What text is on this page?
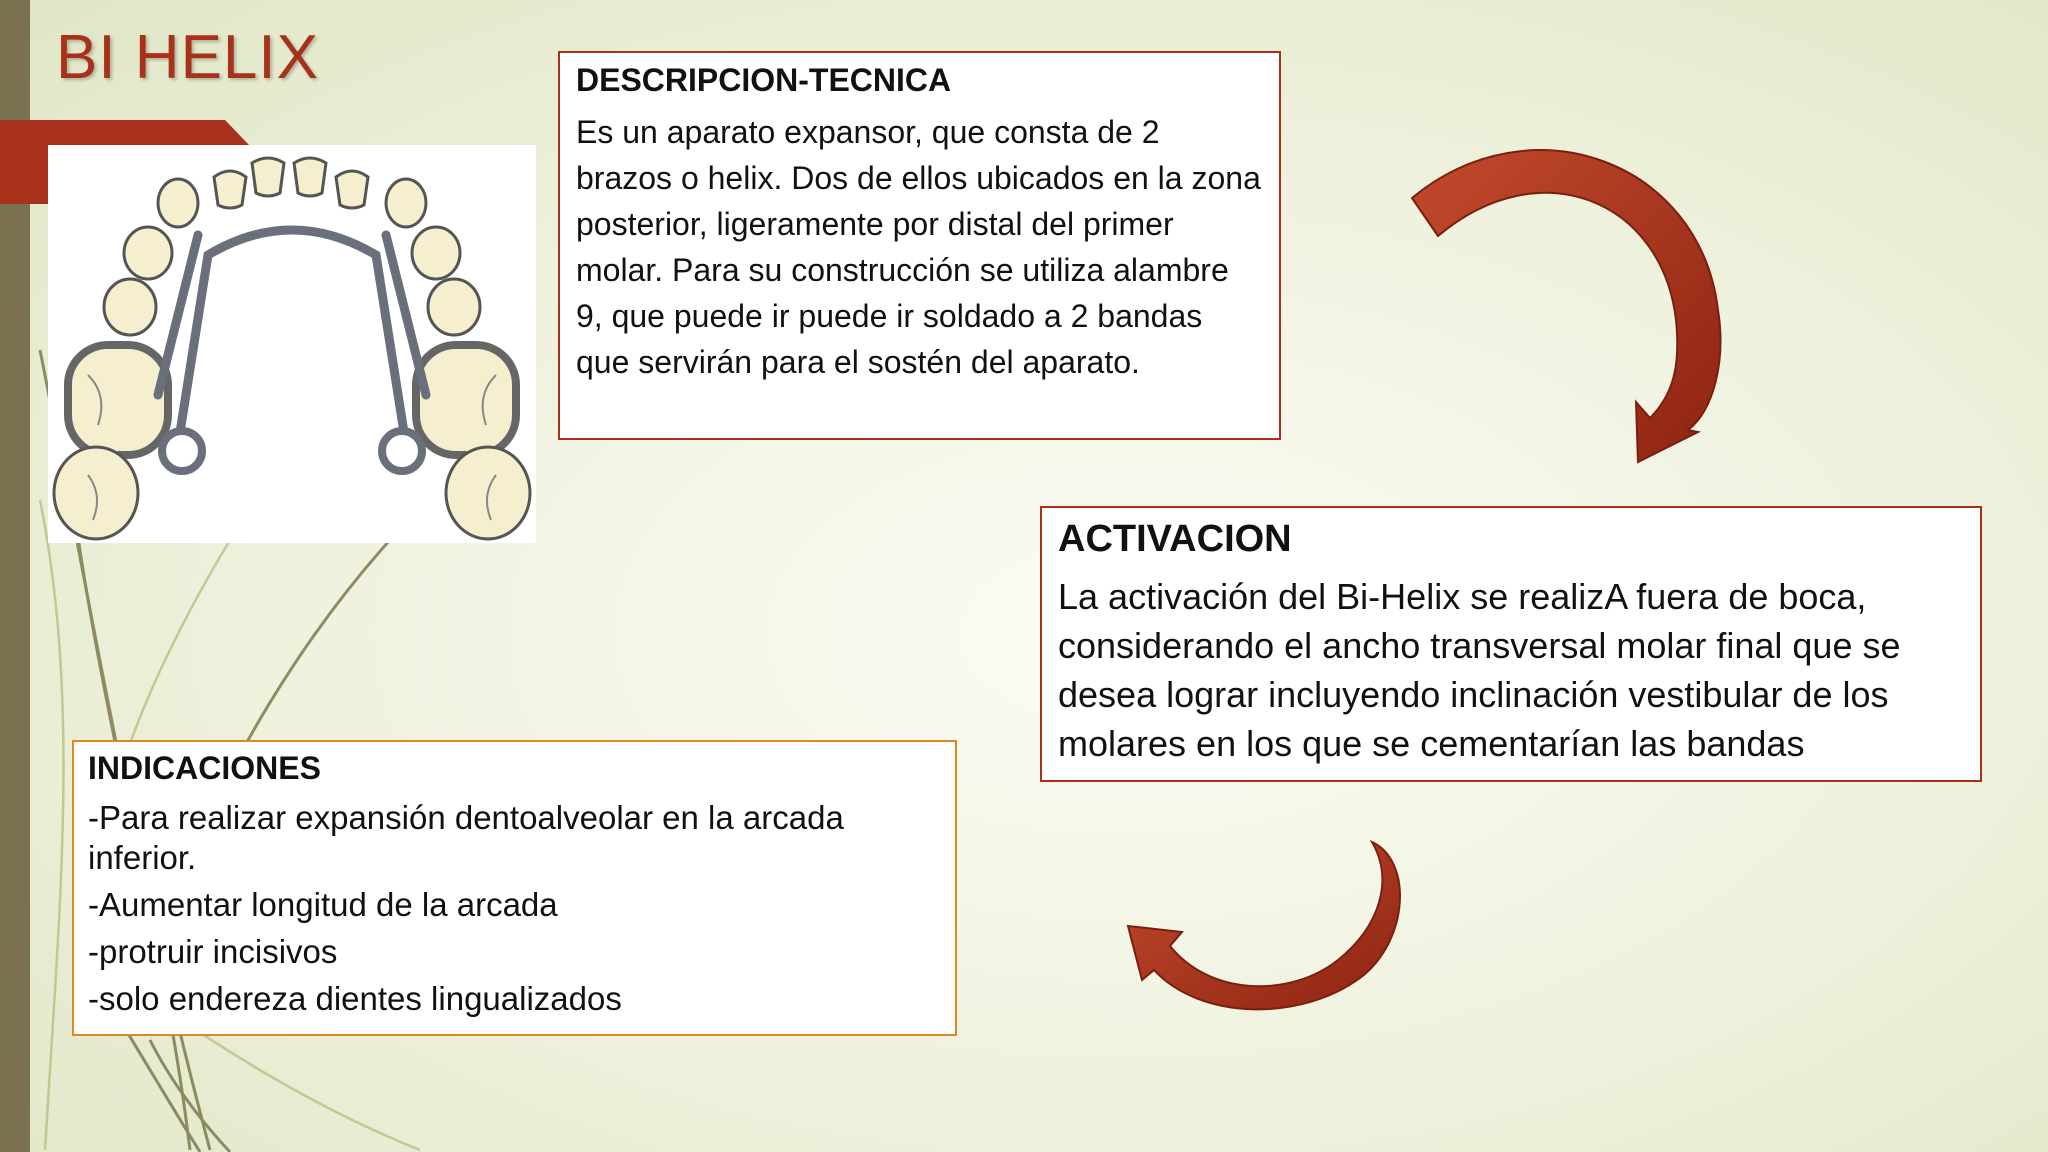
BI HELIX	DESCRIPCION-TECNICA

Es un aparato expansor, que consta de 2 brazos o helix. Dos de ellos ubicados en la zona posterior, ligeramente por distal del primer molar. Para su construcción se utiliza alambre 9, que puede ir puede ir soldado a 2 bandas que servirán para el sostén del aparato.

ACTIVACION

La activación del Bi-Helix se realizA fuera de boca, considerando el ancho transversal molar final que se desea lograr incluyendo inclinación vestibular de los molares en los que se cementarían las bandas

INDICACIONES

-Para realizar expansión dentoalveolar en la arcada inferior.

-Aumentar longitud de la arcada

-protruir incisivos

-solo endereza dientes lingualizados
